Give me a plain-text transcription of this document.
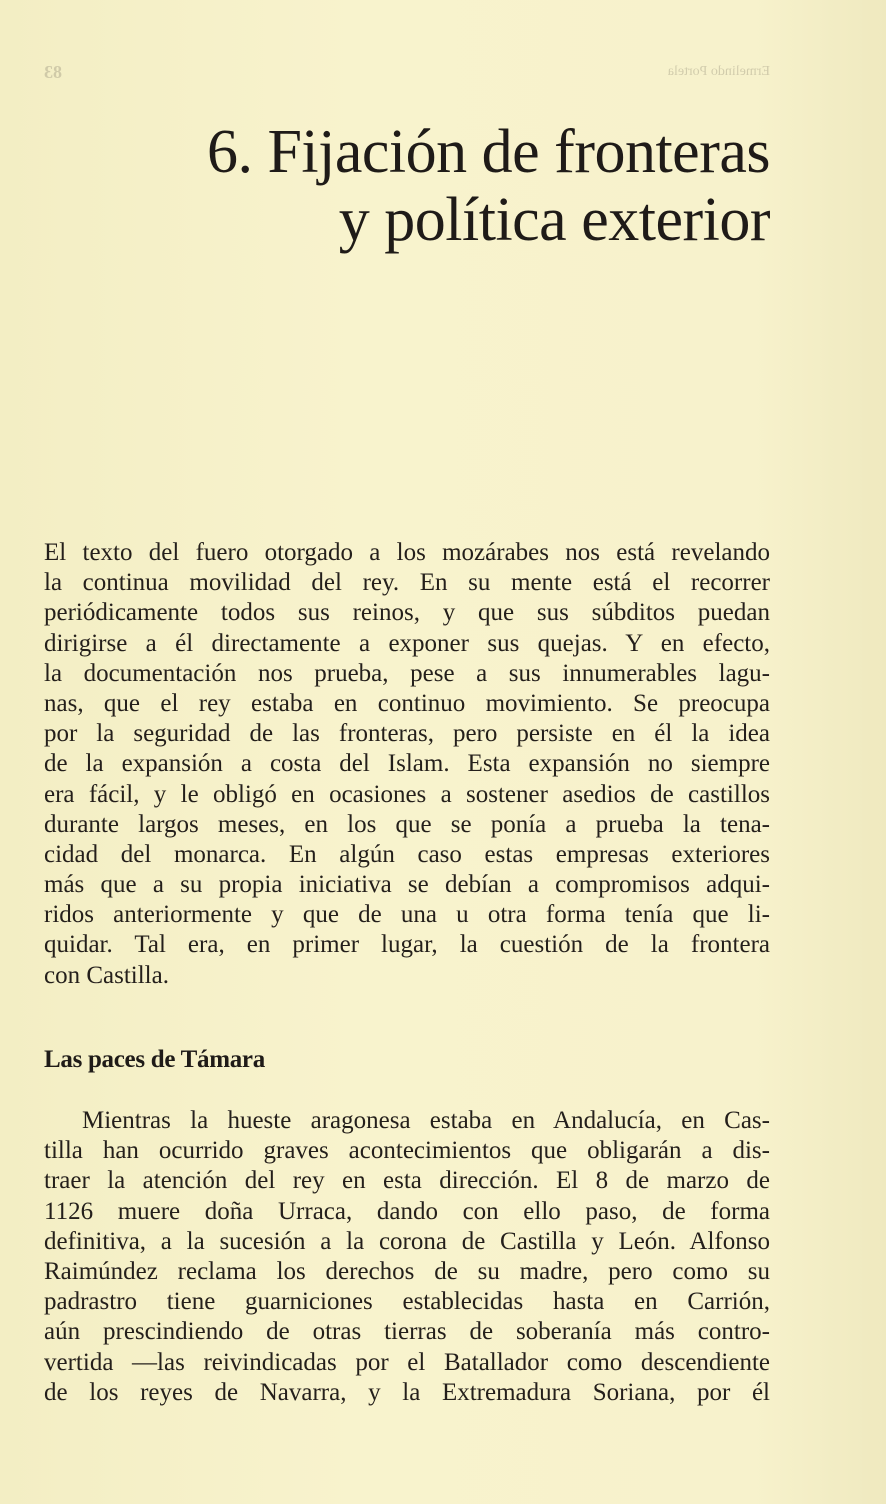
Ermelindo Portela
83
6. Fijación de fronteras
y política exterior
El texto del fuero otorgado a los mozárabes nos está revelando
la continua movilidad del rey. En su mente está el recorrer
periódicamente todos sus reinos, y que sus súbditos puedan
dirigirse a él directamente a exponer sus quejas. Y en efecto,
la documentación nos prueba, pese a sus innumerables lagu-
nas, que el rey estaba en continuo movimiento. Se preocupa
por la seguridad de las fronteras, pero persiste en él la idea
de la expansión a costa del Islam. Esta expansión no siempre
era fácil, y le obligó en ocasiones a sostener asedios de castillos
durante largos meses, en los que se ponía a prueba la tena-
cidad del monarca. En algún caso estas empresas exteriores
más que a su propia iniciativa se debían a compromisos adqui-
ridos anteriormente y que de una u otra forma tenía que li-
quidar. Tal era, en primer lugar, la cuestión de la frontera
con Castilla.
Las paces de Támara
Mientras la hueste aragonesa estaba en Andalucía, en Cas-
tilla han ocurrido graves acontecimientos que obligarán a dis-
traer la atención del rey en esta dirección. El 8 de marzo de
1126 muere doña Urraca, dando con ello paso, de forma
definitiva, a la sucesión a la corona de Castilla y León. Alfonso
Raimúndez reclama los derechos de su madre, pero como su
padrastro tiene guarniciones establecidas hasta en Carrión,
aún prescindiendo de otras tierras de soberanía más contro-
vertida —las reivindicadas por el Batallador como descendiente
de los reyes de Navarra, y la Extremadura Soriana, por él
